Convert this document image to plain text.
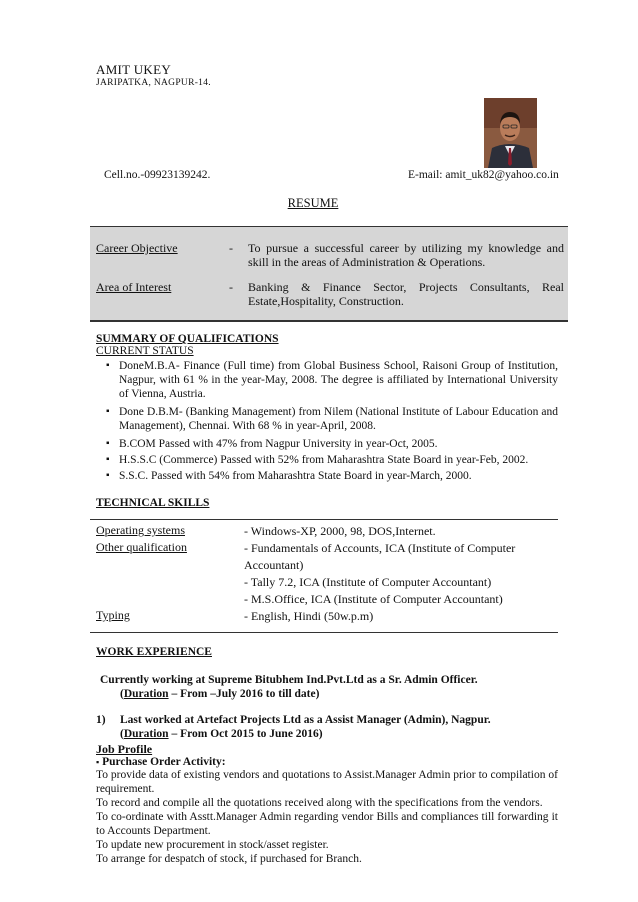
AMIT UKEY
JARIPATKA, NAGPUR-14.
Cell.no.-09923139242.	E-mail: amit_uk82@yahoo.co.in
RESUME
Career Objective	- To pursue a successful career by utilizing my knowledge and skill in the areas of Administration & Operations.
Area of Interest	- Banking & Finance Sector, Projects Consultants, Real Estate,Hospitality, Construction.
SUMMARY OF QUALIFICATIONS
CURRENT STATUS
▪ DoneM.B.A- Finance (Full time) from Global Business School, Raisoni Group of Institution, Nagpur, with 61 % in the year-May, 2008. The degree is affiliated by International University of Vienna, Austria.
▪ Done D.B.M- (Banking Management) from Nilem (National Institute of Labour Education and Management), Chennai. With 68 % in year-April, 2008.
▪ B.COM Passed with 47% from Nagpur University in year-Oct, 2005.
▪ H.S.S.C (Commerce) Passed with 52% from Maharashtra State Board in year-Feb, 2002.
▪ S.S.C. Passed with 54% from Maharashtra State Board in year-March, 2000.
TECHNICAL SKILLS
Operating systems	- Windows-XP, 2000, 98, DOS,Internet.
Other qualification	- Fundamentals of Accounts, ICA (Institute of Computer Accountant)
- Tally 7.2, ICA (Institute of Computer Accountant)
- M.S.Office, ICA (Institute of Computer Accountant)
Typing	- English, Hindi (50w.p.m)
WORK EXPERIENCE
Currently working at Supreme Bitubhem Ind.Pvt.Ltd as a Sr. Admin Officer.
(Duration – From –July 2016 to till date)
1) Last worked at Artefact Projects Ltd as a Assist Manager (Admin), Nagpur.
(Duration – From Oct 2015 to June 2016)
Job Profile
▪ Purchase Order Activity:
To provide data of existing vendors and quotations to Assist.Manager Admin prior to compilation of requirement.
To record and compile all the quotations received along with the specifications from the vendors.
To co-ordinate with Asstt.Manager Admin regarding vendor Bills and compliances till forwarding it to Accounts Department.
To update new procurement in stock/asset register.
To arrange for despatch of stock, if purchased for Branch.
